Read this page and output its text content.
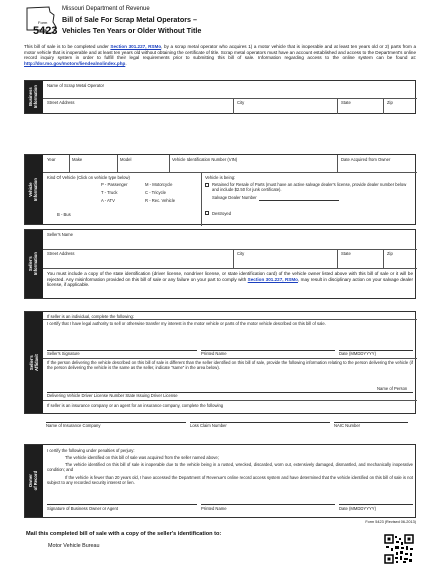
Form
5423
Missouri Department of Revenue
Bill of Sale For Scrap Metal Operators –
Vehicles Ten Years or Older Without Title
This bill of sale is to be completed under Section 301.227, RSMo, by a scrap metal operator who acquires 1) a motor vehicle that is inoperable and at least ten years old or 2) parts from a motor vehicle that is inoperable and at least ten years old without obtaining the certificate of title. Scrap metal operators must have an account established and access to the Department's online record inquiry system in order to fulfill their legal requirements prior to submitting this bill of sale. Information regarding access to the online system can be found at: http://dor.mo.gov/motorv/liendealnolindex.php.
Business
Information Name of Scrap Metal Operator
Street Address	City	State	Zip
Vehicle
Information
Year	Make	Model	Vehicle Identification Number (VIN)	Date Acquired from Owner
Kind Of Vehicle (Click on vehicle type below)
P - Passenger	M - Motorcycle
T - Truck	C - Tricycle
A - ATV	R - Rec. Vehicle
B - Bus
Vehicle is being:
Retained for Resale of Parts (must have an active salvage dealer's license, provide dealer number below and include $2.50 for junk certificate).
Salvage Dealer Number
Destroyed
Seller's
Information
Seller's Name
Street Address	City	State	Zip
You must include a copy of the state identification (driver license, nondriver license, or state identification card) of the vehicle owner listed above with this bill of sale or it will be rejected. Any misinformation provided on this bill of sale or any failure on your part to comply with Section 301.227, RSMo, may result in disciplinary action on your salvage dealer license, if applicable.
Seller's
Affidavit
If seller is an individual, complete the following:
I certify that I have legal authority to sell or otherwise transfer my interest in the motor vehicle or parts of the motor vehicle described on this bill of sale.
Seller's Signature	Printed Name	Date (MMDDYYYY)
If the person delivering the vehicle described on this bill of sale is different than the seller identified on this bill of sale, provide the following information relating to the person delivering the vehicle (if the person delivering the vehicle is the same as the seller, indicate "same" in the area below).
Name of Person
Delivering Vehicle Driver License Number State Issuing Driver License
If seller is an insurance company or an agent for an insurance company, complete the following
Name of Insurance Company	Loss Claim Number	NAIC Number
Owner
of Record
I certify the following under penalties of perjury:
The vehicle identified on this bill of sale was acquired from the seller named above;
The vehicle identified on this bill of sale is inoperable due to the vehicle being in a rusted, wrecked, discarded, worn out, extensively damaged, dismantled, and mechanically inoperative condition; and
If the vehicle is fewer than 20 years old, I have accessed the Department of Revenue's online record access system and have determined that the vehicle identified on this bill of sale is not subject to any recorded security interest or lien.
Signature of Business Owner or Agent	Printed Name	Date (MMDDYYYY)
Form 5423 (Revised 06-2013)
Mail this completed bill of sale with a copy of the seller's identification to:
Motor Vehicle Bureau
